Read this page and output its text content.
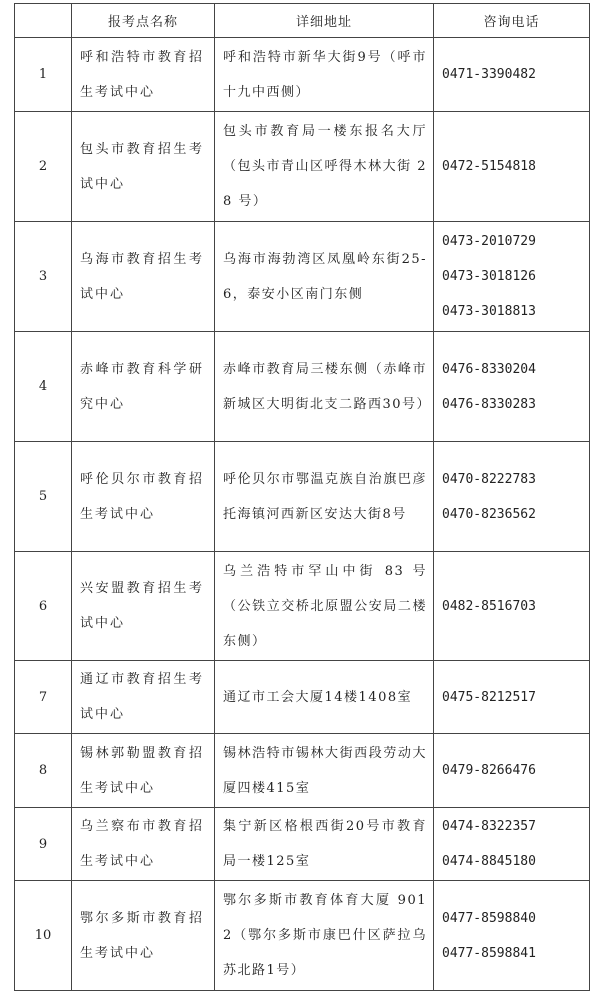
	报考点名称	详细地址	咨询电话
1	呼和浩特市教育招生考试中心	呼和浩特市新华大街9号（呼市十九中西侧）	0471-3390482

2	包头市教育招生考试中心	包头市教育局一楼东报名大厅（包头市青山区呼得木林大街 28 号）	0472-5154818

3	乌海市教育招生考试中心	乌海市海勃湾区凤凰岭东街25-6，泰安小区南门东侧	0473-2010729
0473-3018126
0473-3018813

4	赤峰市教育科学研究中心	赤峰市教育局三楼东侧（赤峰市新城区大明街北支二路西30号）	0476-8330204
0476-8330283

5	呼伦贝尔市教育招生考试中心	呼伦贝尔市鄂温克族自治旗巴彦托海镇河西新区安达大街8号	0470-8222783
0470-8236562

6	兴安盟教育招生考试中心	乌兰浩特市罕山中街 83 号（公铁立交桥北原盟公安局二楼东侧）	0482-8516703

7	通辽市教育招生考试中心	通辽市工会大厦14楼1408室	0475-8212517

8	锡林郭勒盟教育招生考试中心	锡林浩特市锡林大街西段劳动大厦四楼415室	0479-8266476

9	乌兰察布市教育招生考试中心	集宁新区格根西街20号市教育局一楼125室	0474-8322357
0474-8845180

10	鄂尔多斯市教育招生考试中心	鄂尔多斯市教育体育大厦 9012（鄂尔多斯市康巴什区萨拉乌苏北路1号）	0477-8598840
0477-8598841
